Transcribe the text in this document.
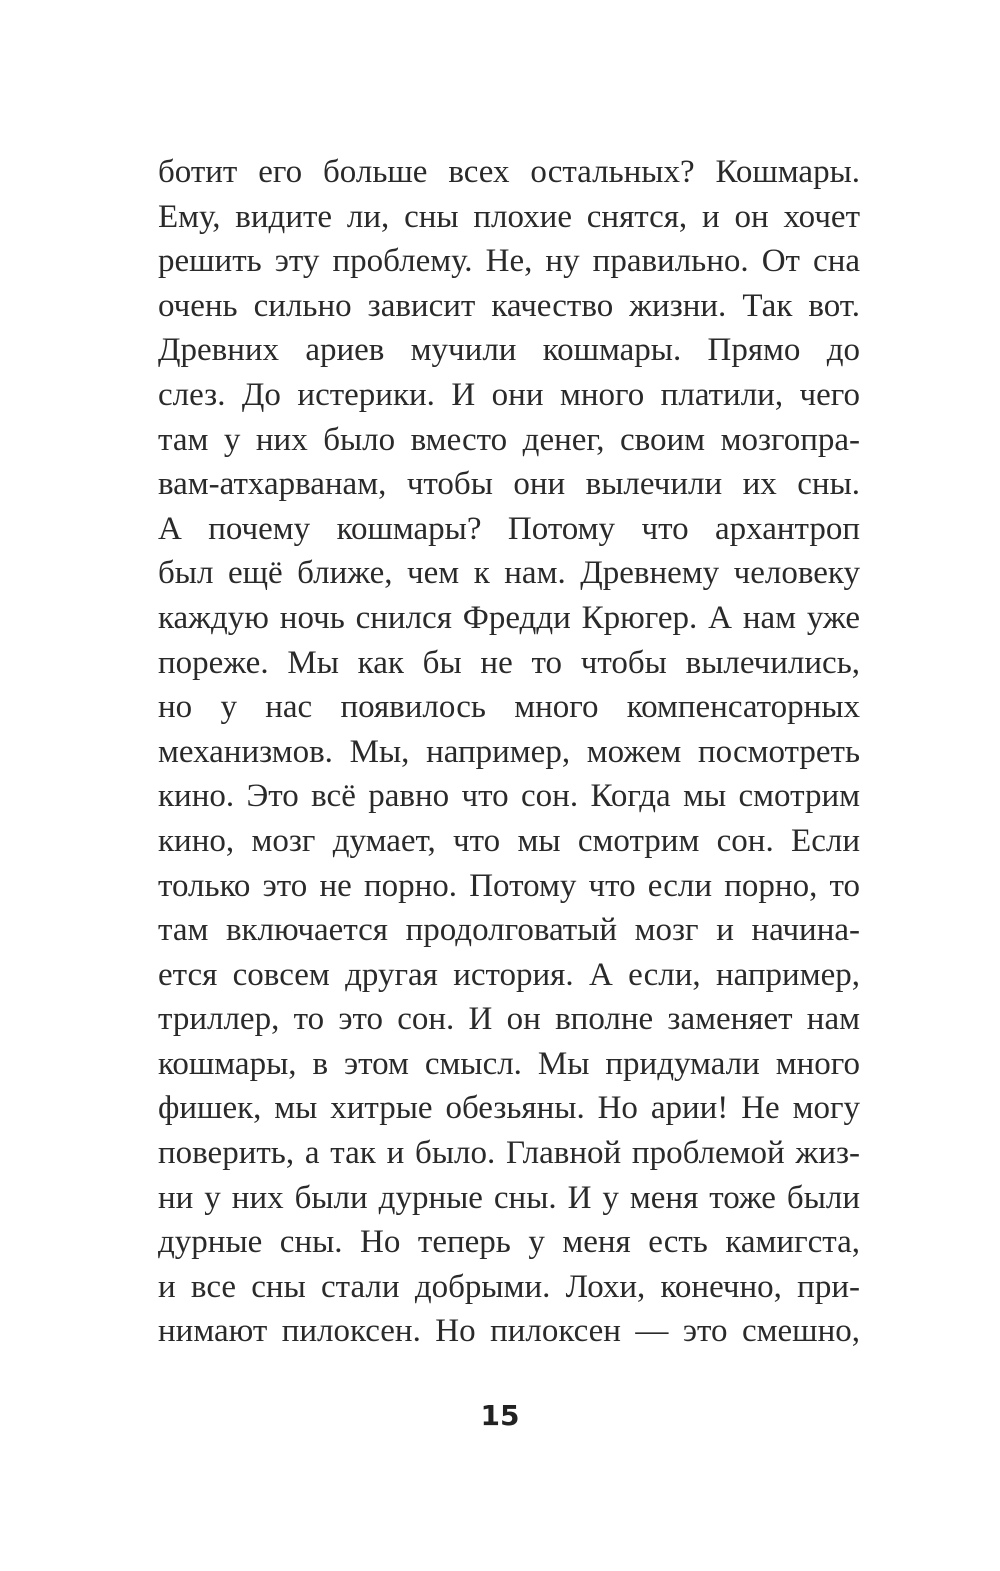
ботит его больше всех остальных? Кошмары.
Ему, видите ли, сны плохие снятся, и он хочет
решить эту проблему. Не, ну правильно. От сна
очень сильно зависит качество жизни. Так вот.
Древних ариев мучили кошмары. Прямо до
слез. До истерики. И они много платили, чего
там у них было вместо денег, своим мозгопра-
вам-атхарванам, чтобы они вылечили их сны.
А почему кошмары? Потому что архантроп
был ещё ближе, чем к нам. Древнему человеку
каждую ночь снился Фредди Крюгер. А нам уже
пореже. Мы как бы не то чтобы вылечились,
но у нас появилось много компенсаторных
механизмов. Мы, например, можем посмотреть
кино. Это всё равно что сон. Когда мы смотрим
кино, мозг думает, что мы смотрим сон. Если
только это не порно. Потому что если порно, то
там включается продолговатый мозг и начина-
ется совсем другая история. А если, например,
триллер, то это сон. И он вполне заменяет нам
кошмары, в этом смысл. Мы придумали много
фишек, мы хитрые обезьяны. Но арии! Не могу
поверить, а так и было. Главной проблемой жиз-
ни у них были дурные сны. И у меня тоже были
дурные сны. Но теперь у меня есть камигста,
и все сны стали добрыми. Лохи, конечно, при-
нимают пилоксен. Но пилоксен — это смешно,
15
